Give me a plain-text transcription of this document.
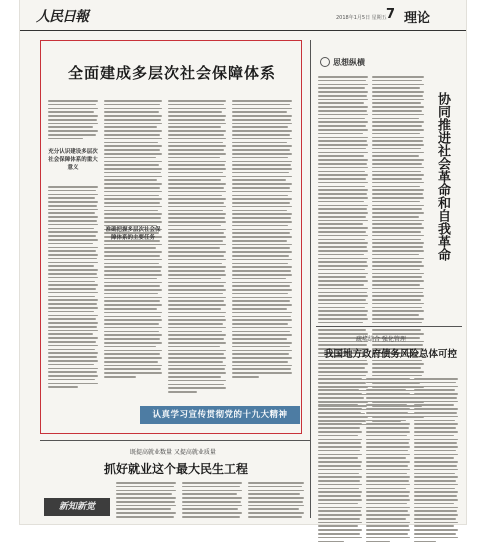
人民日報	2018年1月5日 星期五 7 理论
全面建成多层次社会保障体系
充分认识建设多层次社会保障体系的重大意义
准确把握多层次社会保障体系的主要任务
认真学习宣传贯彻党的十九大精神
思想纵横
协同推进社会革命和自我革命
疏堵结合 强化管理
我国地方政府债务风险总体可控
既提高就业数量 又提高就业质量
抓好就业这个最大民生工程
新知新觉
